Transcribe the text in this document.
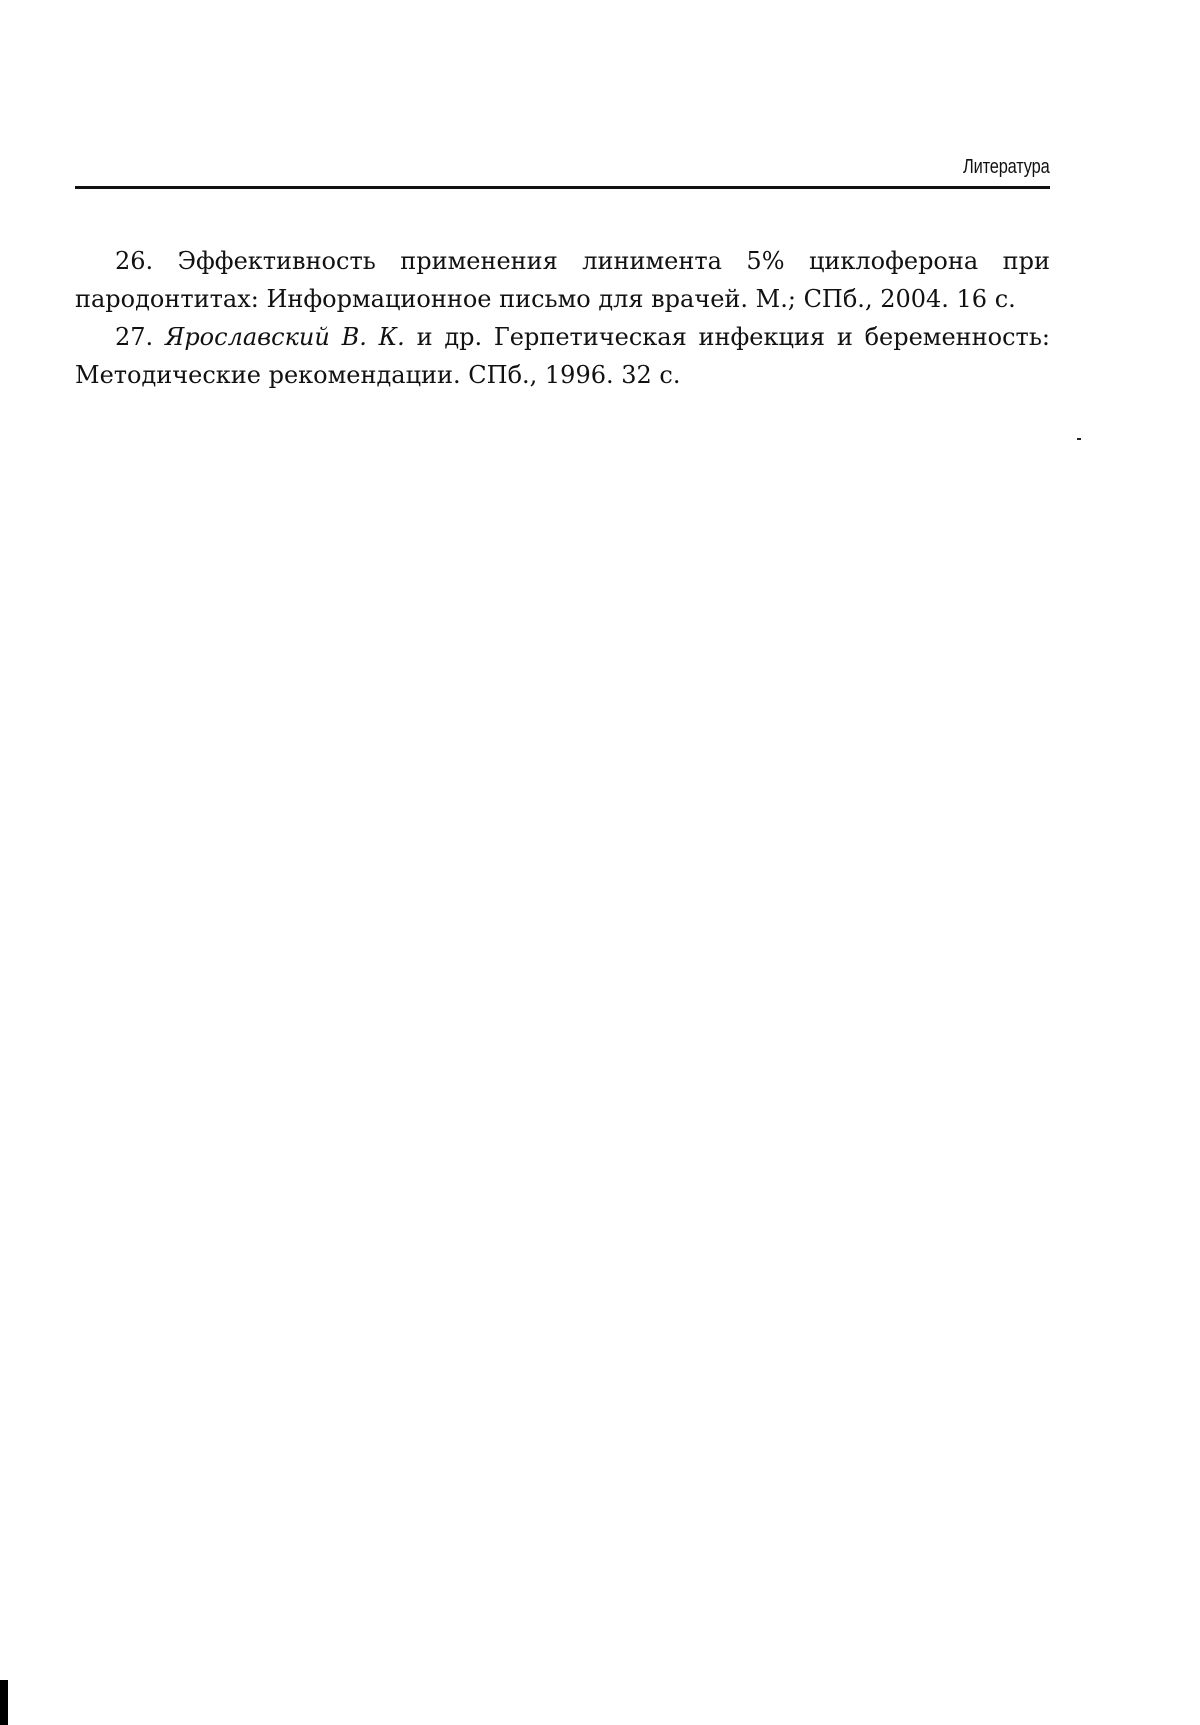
Литература

26. Эффективность применения линимента 5% циклоферона при пародонтитах: Информационное письмо для врачей. М.; СПб., 2004. 16 с.

27. Ярославский В. К. и др. Герпетическая инфекция и беременность: Методические рекомендации. СПб., 1996. 32 с.
